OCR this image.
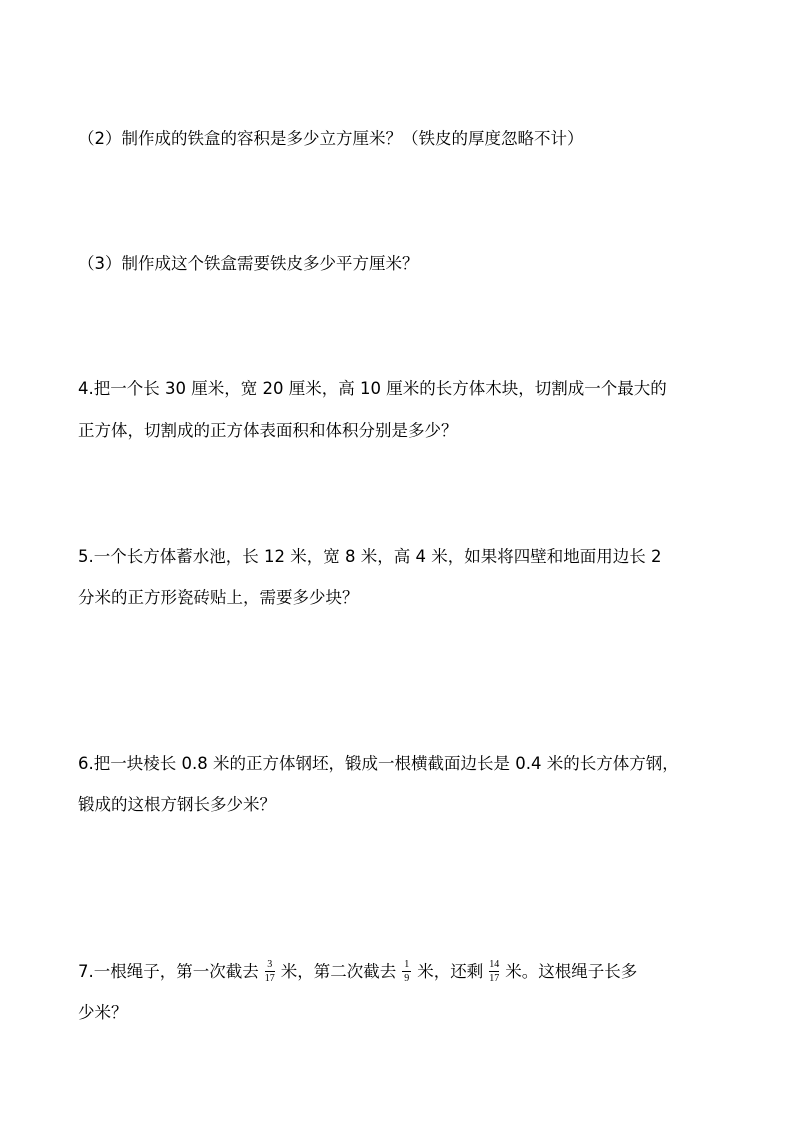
（2）制作成的铁盒的容积是多少立方厘米？（铁皮的厚度忽略不计）
（3）制作成这个铁盒需要铁皮多少平方厘米？
4.把一个长 30 厘米，宽 20 厘米，高 10 厘米的长方体木块，切割成一个最大的
正方体，切割成的正方体表面积和体积分别是多少？
5.一个长方体蓄水池，长 12 米，宽 8 米，高 4 米，如果将四壁和地面用边长 2
分米的正方形瓷砖贴上，需要多少块？
6.把一块棱长 0.8 米的正方体钢坯，锻成一根横截面边长是 0.4 米的长方体方钢，
锻成的这根方钢长多少米？
7.一根绳子，第一次截去 $\frac{3}{17}$ 米，第二次截去 $\frac{1}{9}$ 米，还剩 $\frac{14}{17}$ 米。这根绳子长多
少米？
